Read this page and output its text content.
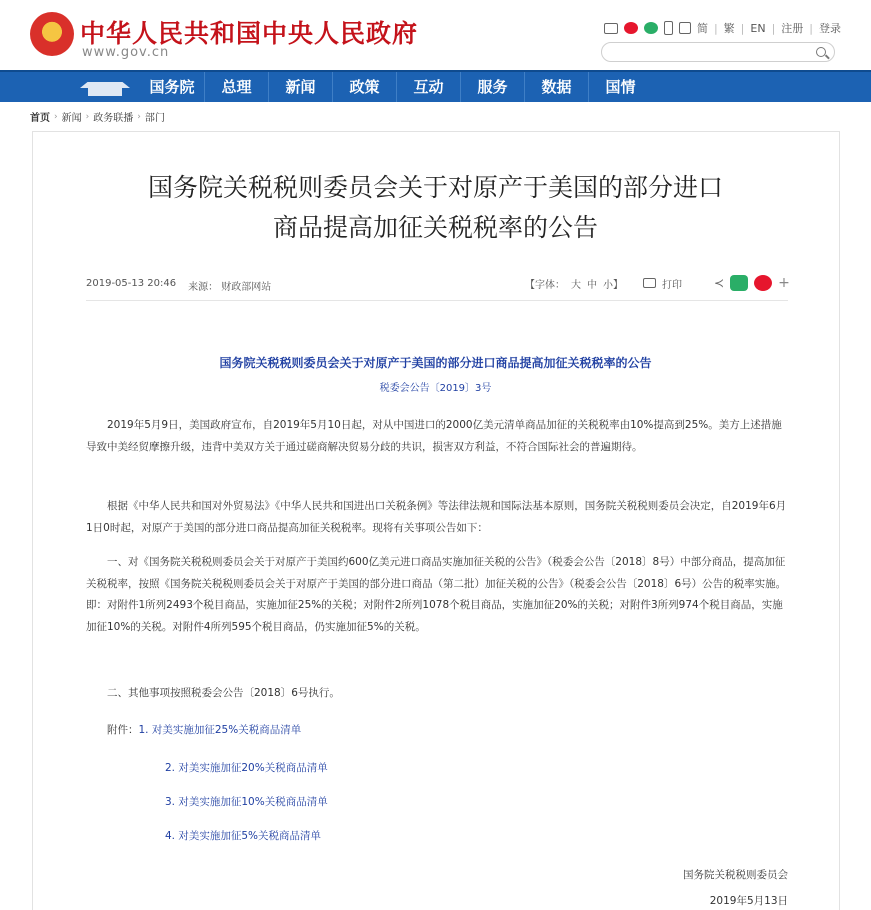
中华人民共和国中央人民政府
www.gov.cn
简 | 繁 | EN | 注册 | 登录
国务院	总理	新闻	政策	互动	服务	数据	国情
首页 › 新闻 › 政务联播 › 部门
国务院关税税则委员会关于对原产于美国的部分进口
商品提高加征关税税率的公告
2019-05-13 20:46 来源： 财政部网站	【字体： 大 中 小】	打印	≺	+
国务院关税税则委员会关于对原产于美国的部分进口商品提高加征关税税率的公告
税委会公告〔2019〕3号

2019年5月9日，美国政府宣布，自2019年5月10日起，对从中国进口的2000亿美元清单商品加征的关税税率由10%提高到25%。美方上述措施导致中美经贸摩擦升级，违背中美双方关于通过磋商解决贸易分歧的共识，损害双方利益，不符合国际社会的普遍期待。

根据《中华人民共和国对外贸易法》《中华人民共和国进出口关税条例》等法律法规和国际法基本原则，国务院关税税则委员会决定，自2019年6月1日0时起，对原产于美国的部分进口商品提高加征关税税率。现将有关事项公告如下：

一、对《国务院关税税则委员会关于对原产于美国约600亿美元进口商品实施加征关税的公告》（税委会公告〔2018〕8号）中部分商品，提高加征关税税率，按照《国务院关税税则委员会关于对原产于美国的部分进口商品（第二批）加征关税的公告》（税委会公告〔2018〕6号）公告的税率实施。即：对附件1所列2493个税目商品，实施加征25%的关税；对附件2所列1078个税目商品，实施加征20%的关税；对附件3所列974个税目商品，实施加征10%的关税。对附件4所列595个税目商品，仍实施加征5%的关税。

二、其他事项按照税委会公告〔2018〕6号执行。

附件：1. 对美实施加征25%关税商品清单
2. 对美实施加征20%关税商品清单
3. 对美实施加征10%关税商品清单
4. 对美实施加征5%关税商品清单
国务院关税税则委员会
2019年5月13日
